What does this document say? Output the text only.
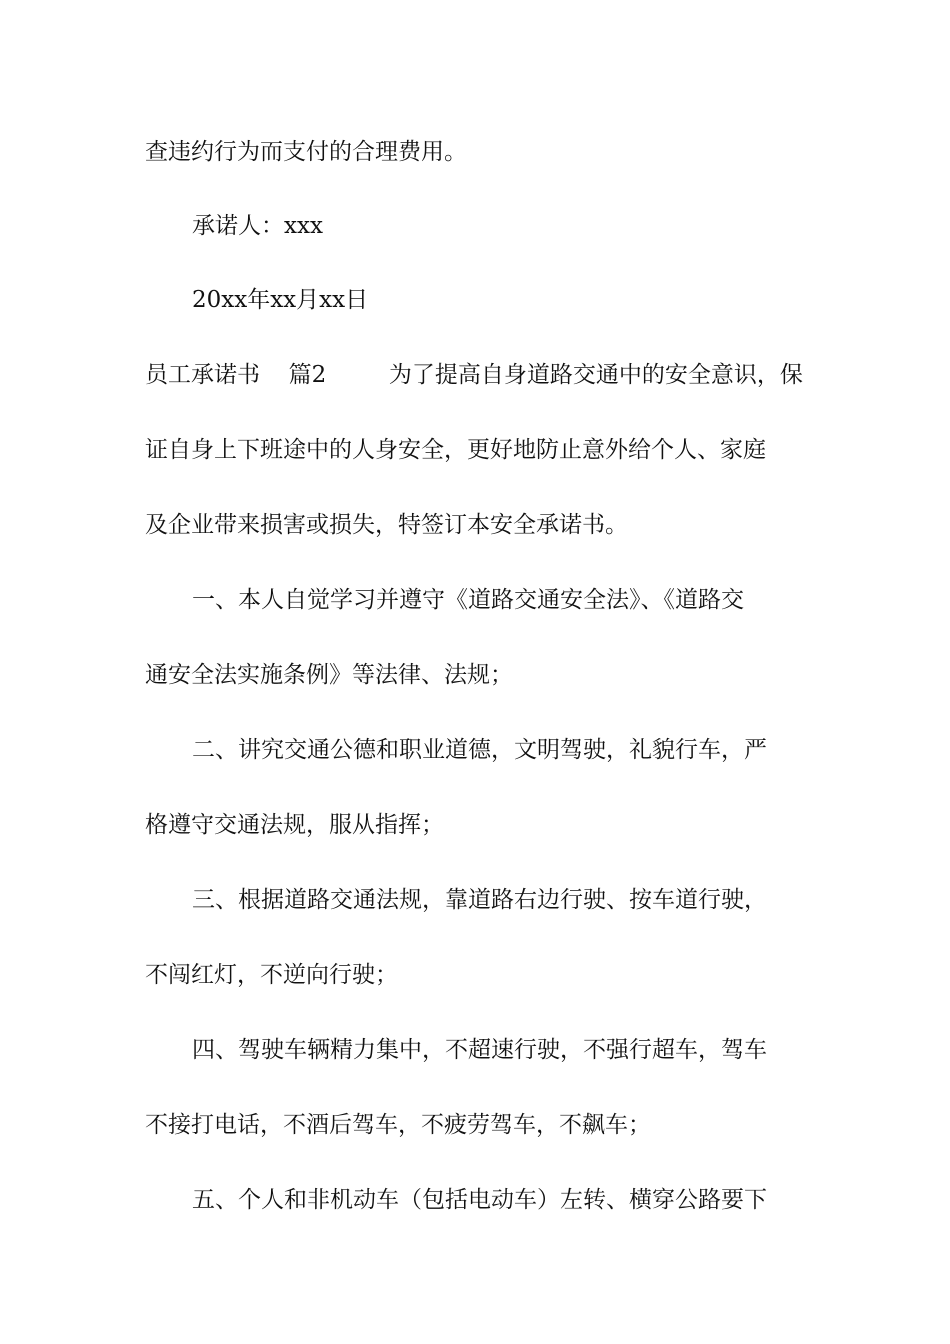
查违约行为而支付的合理费用。
承诺人：xxx
20xx年xx月xx日
员工承诺书 篇2	为了提高自身道路交通中的安全意识，保
证自身上下班途中的人身安全，更好地防止意外给个人、家庭
及企业带来损害或损失，特签订本安全承诺书。
一、本人自觉学习并遵守《道路交通安全法》、《道路交
通安全法实施条例》等法律、法规；
二、讲究交通公德和职业道德，文明驾驶，礼貌行车，严
格遵守交通法规，服从指挥；
三、根据道路交通法规，靠道路右边行驶、按车道行驶，
不闯红灯，不逆向行驶；
四、驾驶车辆精力集中，不超速行驶，不强行超车，驾车
不接打电话，不酒后驾车，不疲劳驾车，不飙车；
五、个人和非机动车（包括电动车）左转、横穿公路要下
